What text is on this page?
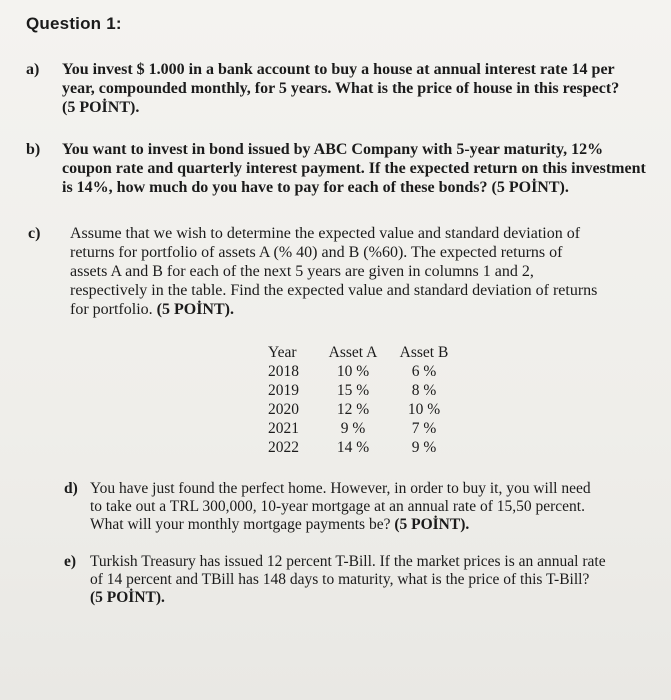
Question 1:
a) You invest $ 1.000 in a bank account to buy a house at annual interest rate 14 per
year, compounded monthly, for 5 years. What is the price of house in this respect?
(5 POİNT).
b) You want to invest in bond issued by ABC Company with 5-year maturity, 12%
coupon rate and quarterly interest payment. If the expected return on this investment
is 14%, how much do you have to pay for each of these bonds? (5 POİNT).
c) Assume that we wish to determine the expected value and standard deviation of
returns for portfolio of assets A (% 40) and B (%60). The expected returns of
assets A and B for each of the next 5 years are given in columns 1 and 2,
respectively in the table. Find the expected value and standard deviation of returns
for portfolio. (5 POİNT).
Year	Asset A	Asset B
2018	10 %	6 %
2019	15 %	8 %
2020	12 %	10 %
2021	9 %	7 %
2022	14 %	9 %
d) You have just found the perfect home. However, in order to buy it, you will need
to take out a TRL 300,000, 10-year mortgage at an annual rate of 15,50 percent.
What will your monthly mortgage payments be? (5 POİNT).
e) Turkish Treasury has issued 12 percent T-Bill. If the market prices is an annual rate
of 14 percent and TBill has 148 days to maturity, what is the price of this T-Bill?
(5 POİNT).
